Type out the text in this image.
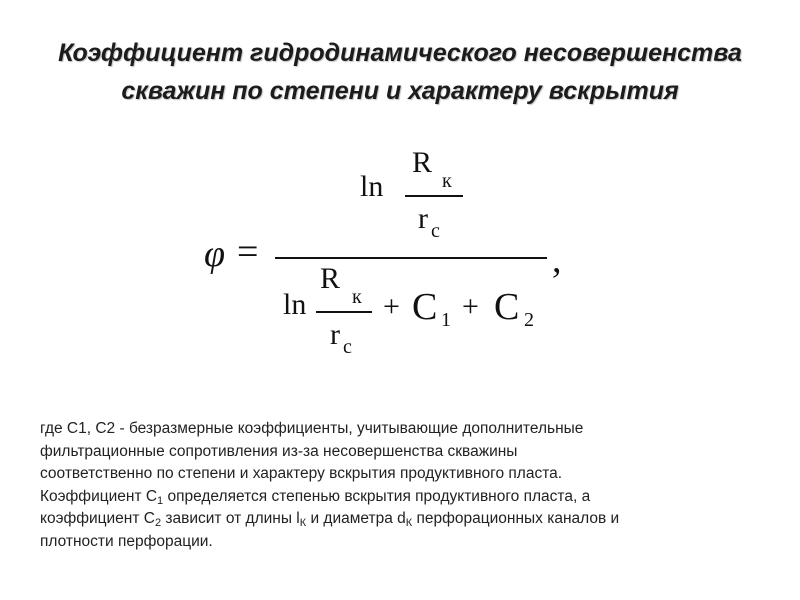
Коэффициент гидродинамического несовершенства
скважин по степени и характеру вскрытия
ln
R
к
r c
φ =	,
ln
R
к
r c
+ C 1 + C 2

где С1, С2 - безразмерные коэффициенты, учитывающие дополнительные

фильтрационные сопротивления из-за несовершенства скважины

соответственно по степени и характеру вскрытия продуктивного пласта.

Коэффициент $С_1$ определяется степенью вскрытия продуктивного пласта, а

коэффициент $С_2$ зависит от длины $l_К$ и диаметра $d_К$ перфорационных каналов и

плотности перфорации.
